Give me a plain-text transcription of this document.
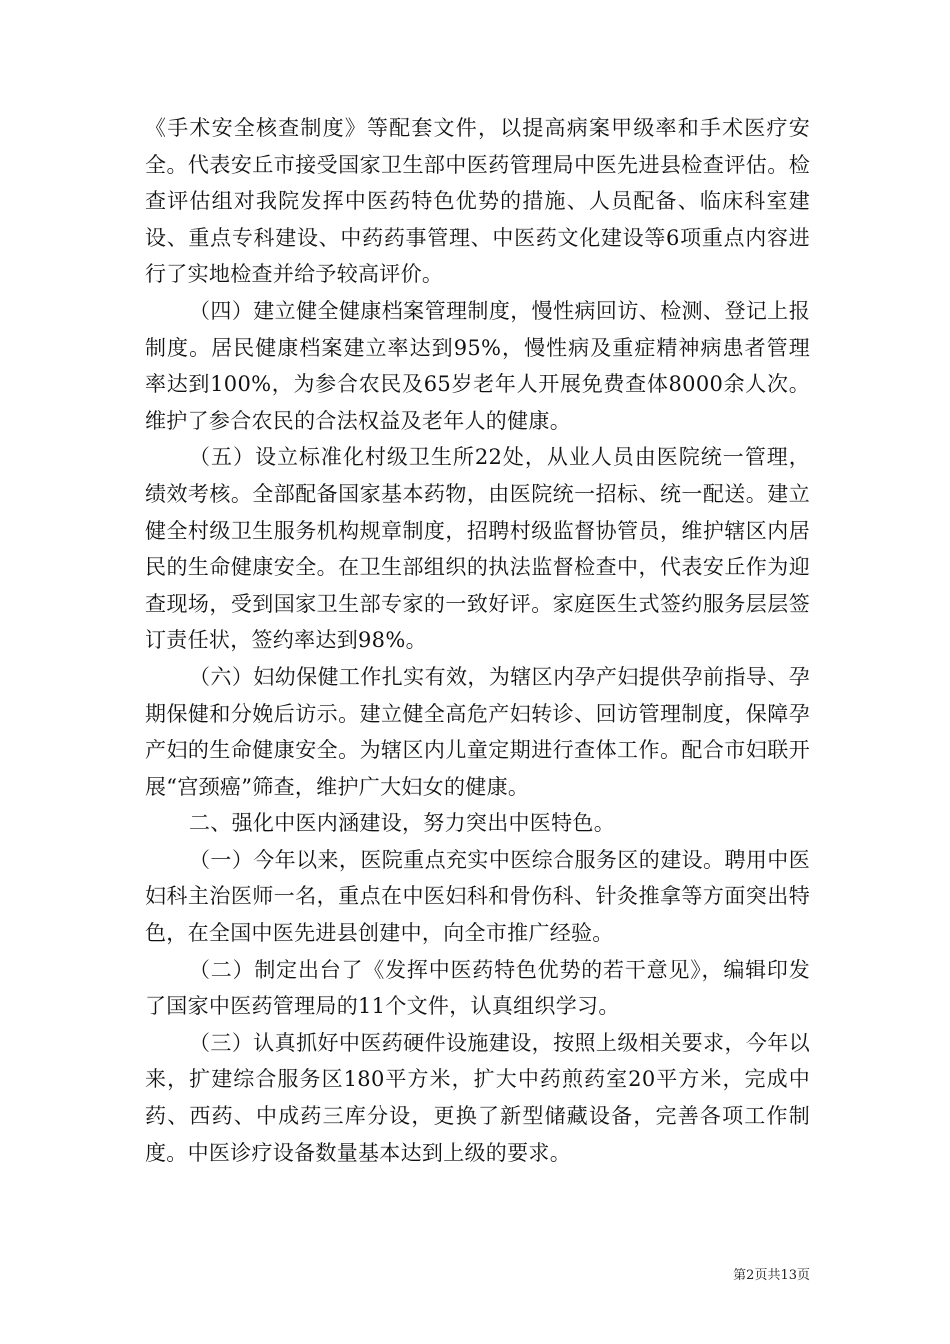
《手术安全核查制度》等配套文件，以提高病案甲级率和手术医疗安全。代表安丘市接受国家卫生部中医药管理局中医先进县检查评估。检查评估组对我院发挥中医药特色优势的措施、人员配备、临床科室建设、重点专科建设、中药药事管理、中医药文化建设等6项重点内容进行了实地检查并给予较高评价。

（四）建立健全健康档案管理制度，慢性病回访、检测、登记上报制度。居民健康档案建立率达到95%，慢性病及重症精神病患者管理率达到100%，为参合农民及65岁老年人开展免费查体8000余人次。维护了参合农民的合法权益及老年人的健康。

（五）设立标准化村级卫生所22处，从业人员由医院统一管理，绩效考核。全部配备国家基本药物，由医院统一招标、统一配送。建立健全村级卫生服务机构规章制度，招聘村级监督协管员，维护辖区内居民的生命健康安全。在卫生部组织的执法监督检查中，代表安丘作为迎查现场，受到国家卫生部专家的一致好评。家庭医生式签约服务层层签订责任状，签约率达到98%。

（六）妇幼保健工作扎实有效，为辖区内孕产妇提供孕前指导、孕期保健和分娩后访示。建立健全高危产妇转诊、回访管理制度，保障孕产妇的生命健康安全。为辖区内儿童定期进行查体工作。配合市妇联开展“宫颈癌”筛查，维护广大妇女的健康。

二、强化中医内涵建设，努力突出中医特色。

（一）今年以来，医院重点充实中医综合服务区的建设。聘用中医妇科主治医师一名，重点在中医妇科和骨伤科、针灸推拿等方面突出特色，在全国中医先进县创建中，向全市推广经验。

（二）制定出台了《发挥中医药特色优势的若干意见》，编辑印发了国家中医药管理局的11个文件，认真组织学习。

（三）认真抓好中医药硬件设施建设，按照上级相关要求，今年以来，扩建综合服务区180平方米，扩大中药煎药室20平方米，完成中药、西药、中成药三库分设，更换了新型储藏设备，完善各项工作制度。中医诊疗设备数量基本达到上级的要求。

第2页共13页
